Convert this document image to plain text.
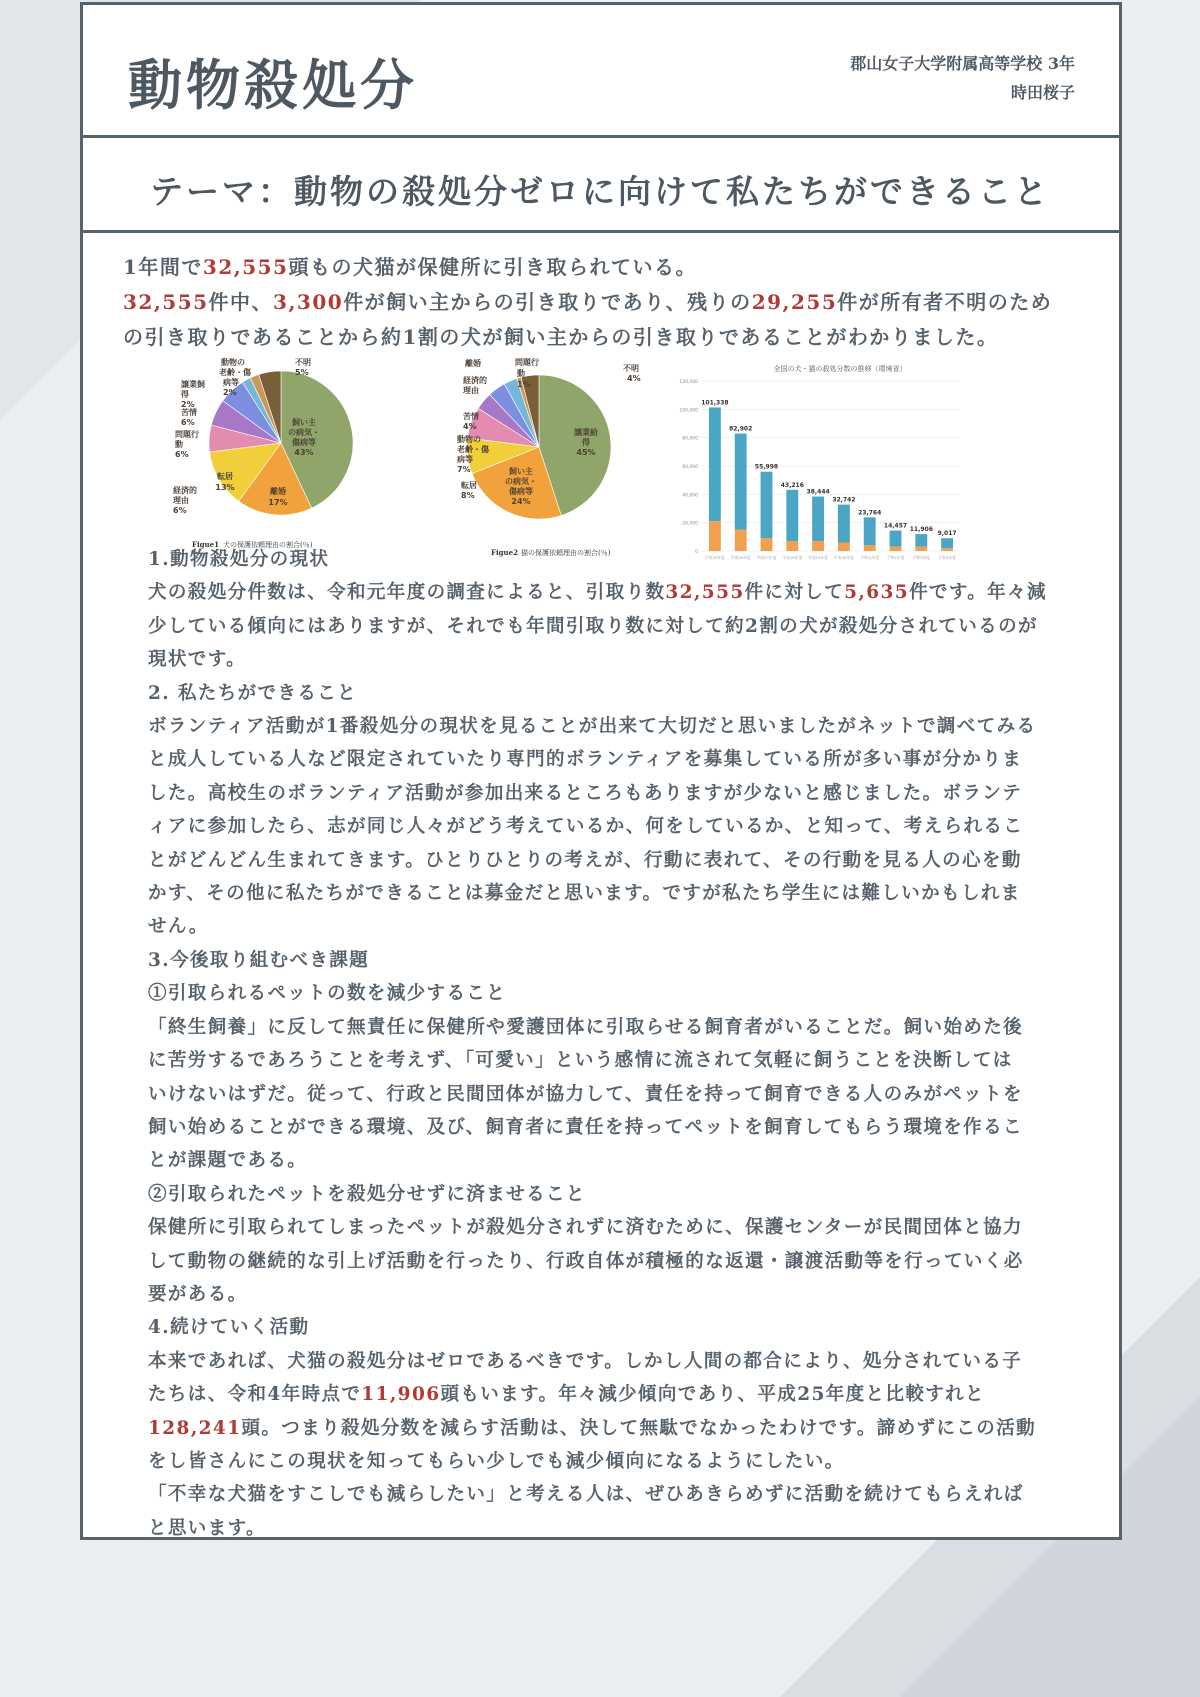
動物殺処分	郡山女子大学附属高等学校 3年
時田桜子
テーマ：動物の殺処分ゼロに向けて私たちができること
1年間で32,555頭もの犬猫が保健所に引き取られている。
32,555件中、3,300件が飼い主からの引き取りであり、残りの29,255件が所有者不明のため
の引き取りであることから約1割の犬が飼い主からの引き取りであることがわかりました。
飼い主
の病気・
傷病等
43%
離婚
17%
転居
13%
経済的
理由
6%
問題行
動
6%
苦情
6%
譲業飼
得
2%
動物の
老齢・傷
病等
2%
不明
5%
Figue1 犬の保護依頼理由の割合(％)
譲業給
得
45%
飼い主
の病気・
傷病等
24%
転居
8%
動物の
老齢・傷
病等
7%
苦情
4%
経済的
理由
離婚	問題行
動
1%
不明
4%
Figue2 猫の保護依頼理由の割合(％)
全国の犬・猫の殺処分数の推移（環境省）
120,000
100,000
80,000
60,000
40,000
20,000
0
101,338
平成25年度
82,902
平成26年度
55,998
平成27年度
43,216
平成28年度
38,444
平成29年度
32,742
平成30年度
23,764
令和元年度
14,457
令和2年度
11,906
令和3年度
9,017
令和4年度

1.動物殺処分の現状

犬の殺処分件数は、令和元年度の調査によると、引取り数32,555件に対して5,635件です。年々減

少している傾向にはありますが、それでも年間引取り数に対して約2割の犬が殺処分されているのが

現状です。

2. 私たちができること

ボランティア活動が1番殺処分の現状を見ることが出来て大切だと思いましたがネットで調べてみる

と成人している人など限定されていたり専門的ボランティアを募集している所が多い事が分かりま

した。高校生のボランティア活動が参加出来るところもありますが少ないと感じました。ボランテ

ィアに参加したら、志が同じ人々がどう考えているか、何をしているか、と知って、考えられるこ

とがどんどん生まれてきます。ひとりひとりの考えが、行動に表れて、その行動を見る人の心を動

かす、その他に私たちができることは募金だと思います。ですが私たち学生には難しいかもしれま

せん。

3.今後取り組むべき課題

①引取られるペットの数を減少すること

「終生飼養」に反して無責任に保健所や愛護団体に引取らせる飼育者がいることだ。飼い始めた後

に苦労するであろうことを考えず、「可愛い」という感情に流されて気軽に飼うことを決断しては

いけないはずだ。従って、行政と民間団体が協力して、責任を持って飼育できる人のみがペットを

飼い始めることができる環境、及び、飼育者に責任を持ってペットを飼育してもらう環境を作るこ

とが課題である。

②引取られたペットを殺処分せずに済ませること

保健所に引取られてしまったペットが殺処分されずに済むために、保護センターが民間団体と協力

して動物の継続的な引上げ活動を行ったり、行政自体が積極的な返還・譲渡活動等を行っていく必

要がある。

4.続けていく活動

本来であれば、犬猫の殺処分はゼロであるべきです。しかし人間の都合により、処分されている子

たちは、令和4年時点で11,906頭もいます。年々減少傾向であり、平成25年度と比較すれと

128,241頭。つまり殺処分数を減らす活動は、決して無駄でなかったわけです。諦めずにこの活動

をし皆さんにこの現状を知ってもらい少しでも減少傾向になるようにしたい。

「不幸な犬猫をすこしでも減らしたい」と考える人は、ぜひあきらめずに活動を続けてもらえれば

と思います。
